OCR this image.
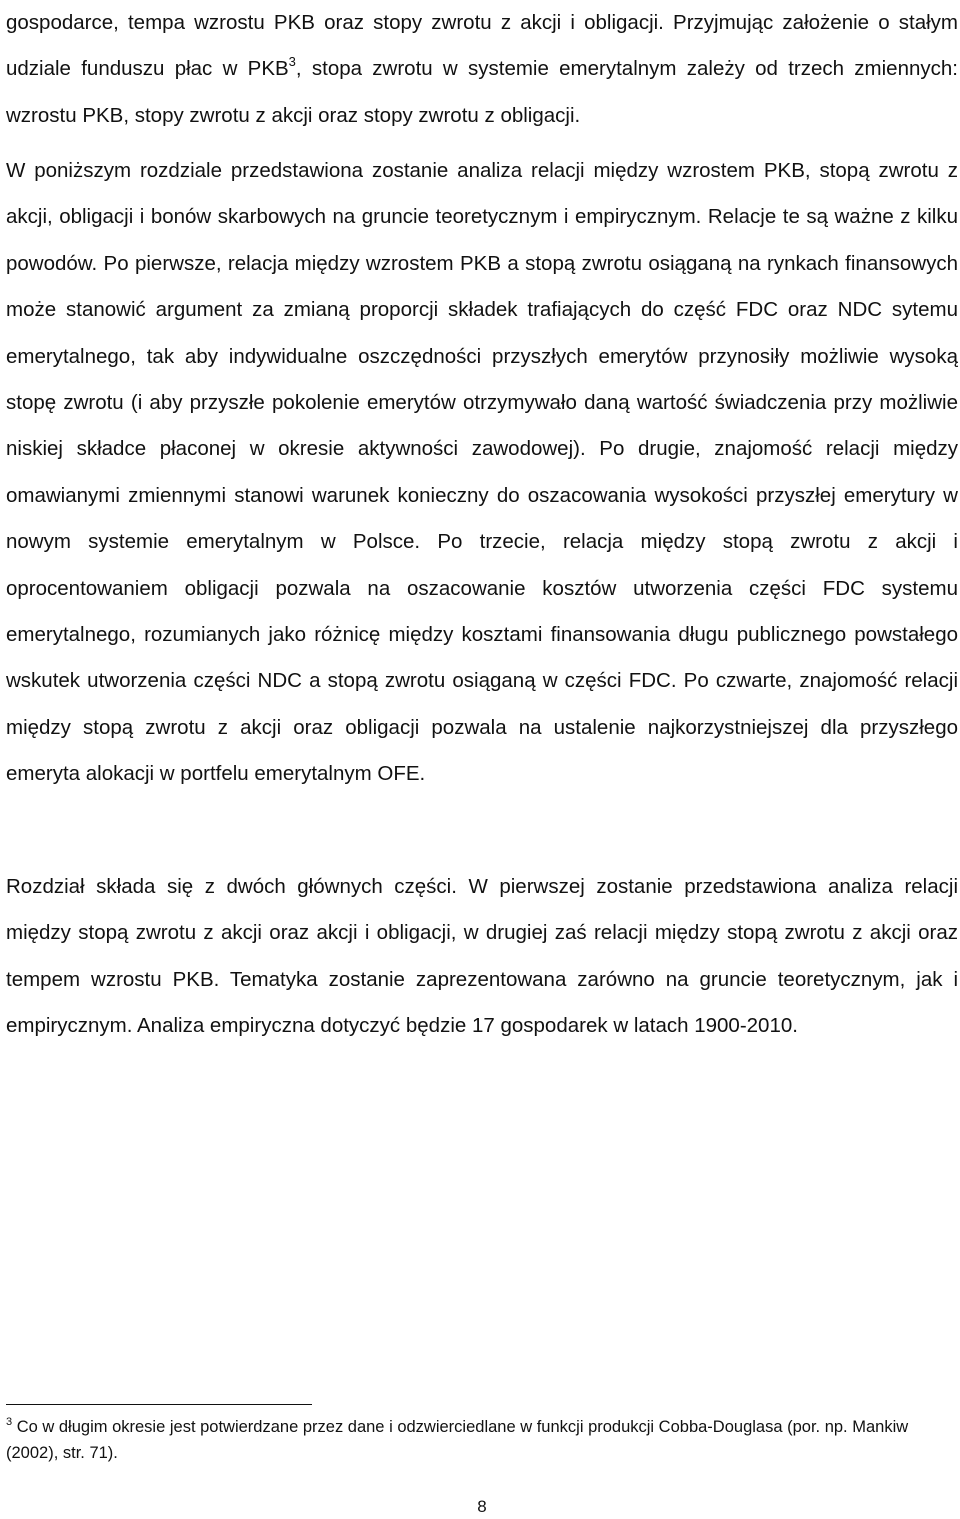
gospodarce, tempa wzrostu PKB oraz stopy zwrotu z akcji i obligacji. Przyjmując założenie o stałym udziale funduszu płac w PKB$^3$, stopa zwrotu w systemie emerytalnym zależy od trzech zmiennych: wzrostu PKB, stopy zwrotu z akcji oraz stopy zwrotu z obligacji.

W poniższym rozdziale przedstawiona zostanie analiza relacji między wzrostem PKB, stopą zwrotu z akcji, obligacji i bonów skarbowych na gruncie teoretycznym i empirycznym. Relacje te są ważne z kilku powodów. Po pierwsze, relacja między wzrostem PKB a stopą zwrotu osiąganą na rynkach finansowych może stanowić argument za zmianą proporcji składek trafiających do część FDC oraz NDC sytemu emerytalnego, tak aby indywidualne oszczędności przyszłych emerytów przynosiły możliwie wysoką stopę zwrotu (i aby przyszłe pokolenie emerytów otrzymywało daną wartość świadczenia przy możliwie niskiej składce płaconej w okresie aktywności zawodowej). Po drugie, znajomość relacji między omawianymi zmiennymi stanowi warunek konieczny do oszacowania wysokości przyszłej emerytury w nowym systemie emerytalnym w Polsce. Po trzecie, relacja między stopą zwrotu z akcji i oprocentowaniem obligacji pozwala na oszacowanie kosztów utworzenia części FDC systemu emerytalnego, rozumianych jako różnicę między kosztami finansowania długu publicznego powstałego wskutek utworzenia części NDC a stopą zwrotu osiąganą w części FDC. Po czwarte, znajomość relacji między stopą zwrotu z akcji oraz obligacji pozwala na ustalenie najkorzystniejszej dla przyszłego emeryta alokacji w portfelu emerytalnym OFE.

Rozdział składa się z dwóch głównych części. W pierwszej zostanie przedstawiona analiza relacji między stopą zwrotu z akcji oraz akcji i obligacji, w drugiej zaś relacji między stopą zwrotu z akcji oraz tempem wzrostu PKB. Tematyka zostanie zaprezentowana zarówno na gruncie teoretycznym, jak i empirycznym. Analiza empiryczna dotyczyć będzie 17 gospodarek w latach 1900-2010.

$^3$ Co w długim okresie jest potwierdzane przez dane i odzwierciedlane w funkcji produkcji Cobba-Douglasa (por. np. Mankiw (2002), str. 71).

8
